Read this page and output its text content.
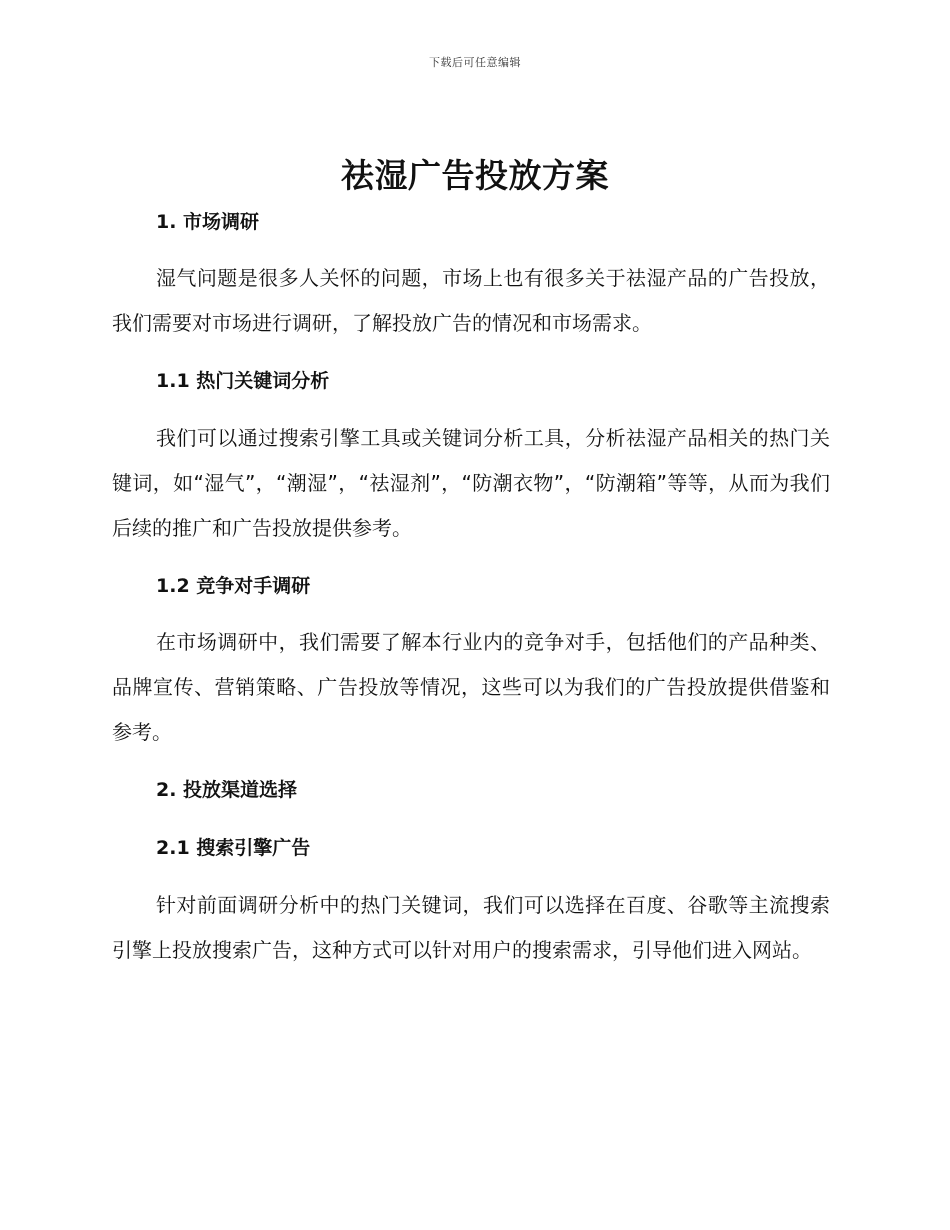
下载后可任意编辑
祛湿广告投放方案
1. 市场调研

湿气问题是很多人关怀的问题，市场上也有很多关于祛湿产品的广告投放，我们需要对市场进行调研，了解投放广告的情况和市场需求。

1.1 热门关键词分析

我们可以通过搜索引擎工具或关键词分析工具，分析祛湿产品相关的热门关键词，如“湿气”，“潮湿”，“祛湿剂”，“防潮衣物”，“防潮箱”等等，从而为我们后续的推广和广告投放提供参考。

1.2 竞争对手调研

在市场调研中，我们需要了解本行业内的竞争对手，包括他们的产品种类、品牌宣传、营销策略、广告投放等情况，这些可以为我们的广告投放提供借鉴和参考。

2. 投放渠道选择
2.1 搜索引擎广告

针对前面调研分析中的热门关键词，我们可以选择在百度、谷歌等主流搜索引擎上投放搜索广告，这种方式可以针对用户的搜索需求，引导他们进入网站。
